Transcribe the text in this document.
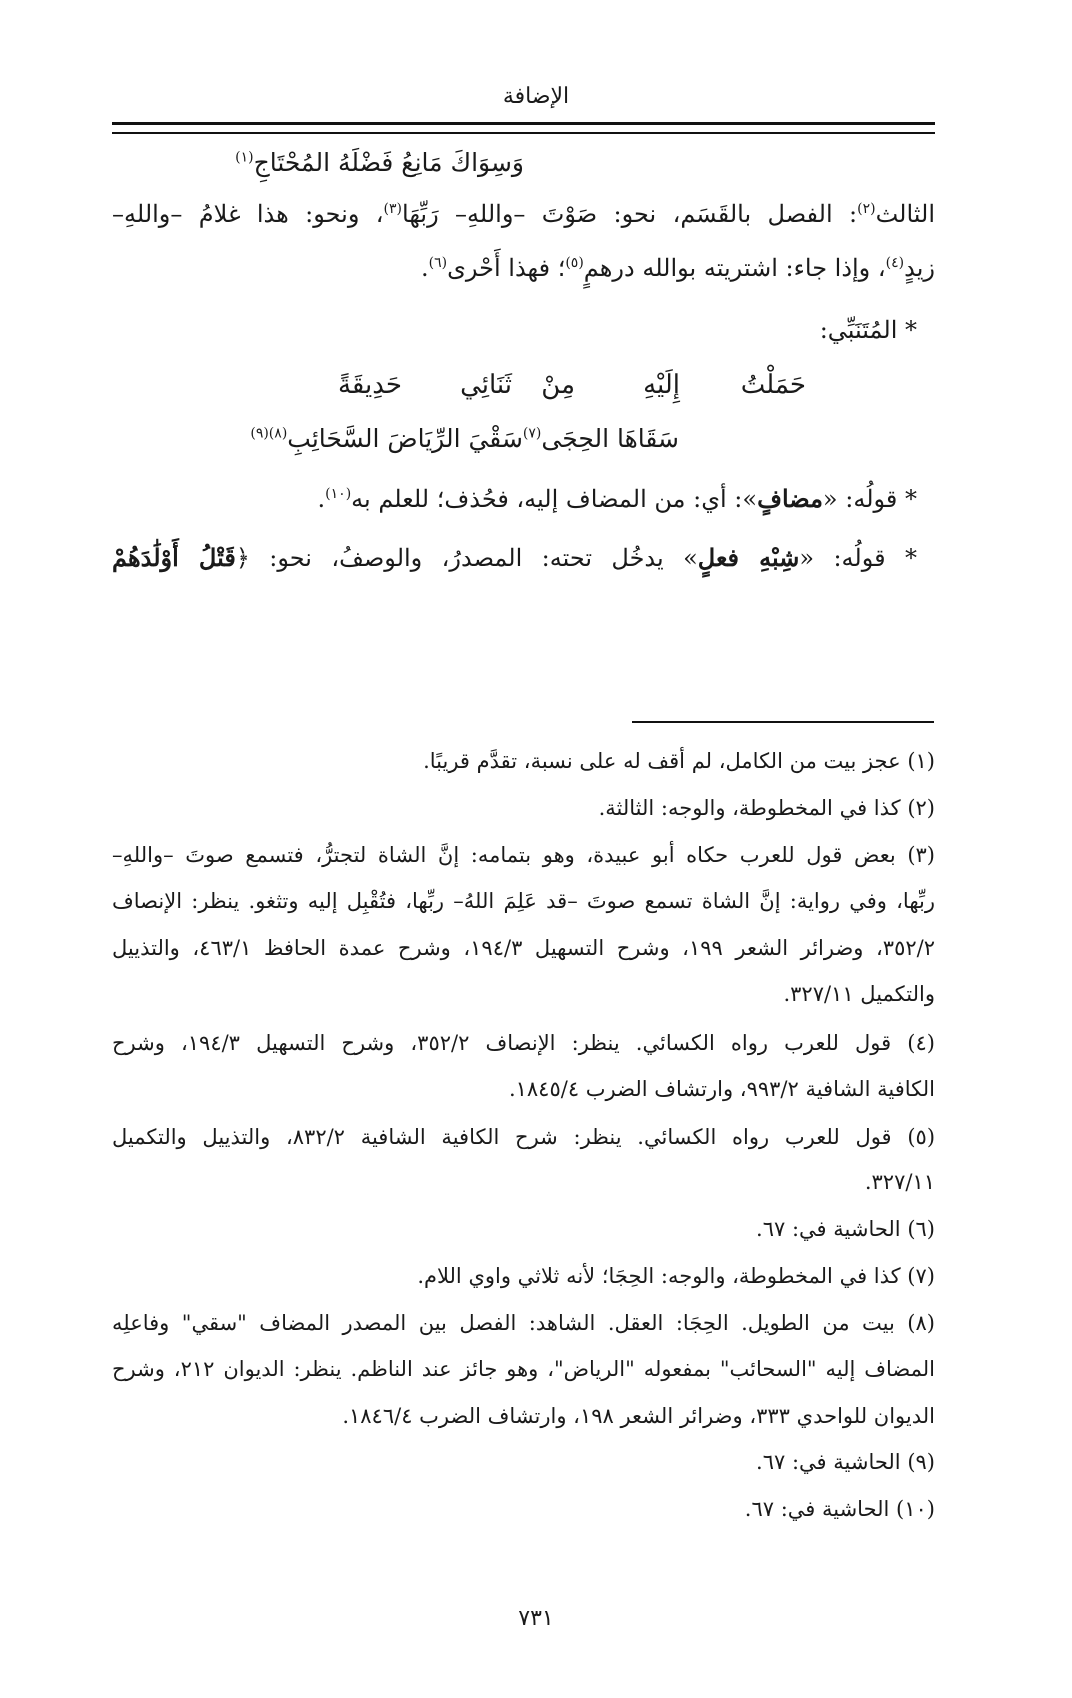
الإضافة
وَسِوَاكَ مَانِعُ فَضْلَهُ المُحْتَاجِ$^{(١)}$
الثالث$^{(٢)}$: الفصل بالقَسَم، نحو: صَوْتَ –واللهِ– رَبِّهَا$^{(٣)}$، ونحو: هذا غلامُ –واللهِ–
زيدٍ$^{(٤)}$، وإذا جاء: اشتريته بوالله درهمٍ$^{(٥)}$؛ فهذا أَحْرى$^{(٦)}$.
* المُتَنَبِّي:
حَمَلْتُ
إِلَيْهِ
مِنْ
ثَنَائِي
حَدِيقَةً
سَقَاهَا الحِجَى$^{(٧)}$سَقْيَ الرِّيَاضَ السَّحَائِبِ$^{(٨)(٩)}$
* قولُه: «مضافٍ»: أي: من المضاف إليه، فحُذف؛ للعلم به$^{(١٠)}$.
* قولُه: «شِبْهِ فعلٍ» يدخُل تحته: المصدرُ، والوصفُ، نحو: ﴿قَتْلُ أَوْلَٰدَهُمْ
(١) عجز بيت من الكامل، لم أقف له على نسبة، تقدَّم قريبًا.
(٢) كذا في المخطوطة، والوجه: الثالثة.
(٣) بعض قول للعرب حكاه أبو عبيدة، وهو بتمامه: إنَّ الشاة لتجترُّ، فتسمع صوتَ –واللهِ–
ربِّها، وفي رواية: إنَّ الشاة تسمع صوتَ –قد عَلِمَ اللهُ– ربِّها، فتُقْبِل إليه وتثغو. ينظر: الإنصاف
٣٥٢/٢، وضرائر الشعر ١٩٩، وشرح التسهيل ١٩٤/٣، وشرح عمدة الحافظ ٤٦٣/١، والتذييل
والتكميل ٣٢٧/١١.
(٤) قول للعرب رواه الكسائي. ينظر: الإنصاف ٣٥٢/٢، وشرح التسهيل ١٩٤/٣، وشرح
الكافية الشافية ٩٩٣/٢، وارتشاف الضرب ١٨٤٥/٤.
(٥) قول للعرب رواه الكسائي. ينظر: شرح الكافية الشافية ٨٣٢/٢، والتذييل والتكميل
٣٢٧/١١.
(٦) الحاشية في: ٦٧.
(٧) كذا في المخطوطة، والوجه: الحِجَا؛ لأنه ثلاثي واوي اللام.
(٨) بيت من الطويل. الحِجَا: العقل. الشاهد: الفصل بين المصدر المضاف "سقي" وفاعلِه
المضاف إليه "السحائب" بمفعوله "الرياض"، وهو جائز عند الناظم. ينظر: الديوان ٢١٢، وشرح
الديوان للواحدي ٣٣٣، وضرائر الشعر ١٩٨، وارتشاف الضرب ١٨٤٦/٤.
(٩) الحاشية في: ٦٧.
(١٠) الحاشية في: ٦٧.
٧٣١
